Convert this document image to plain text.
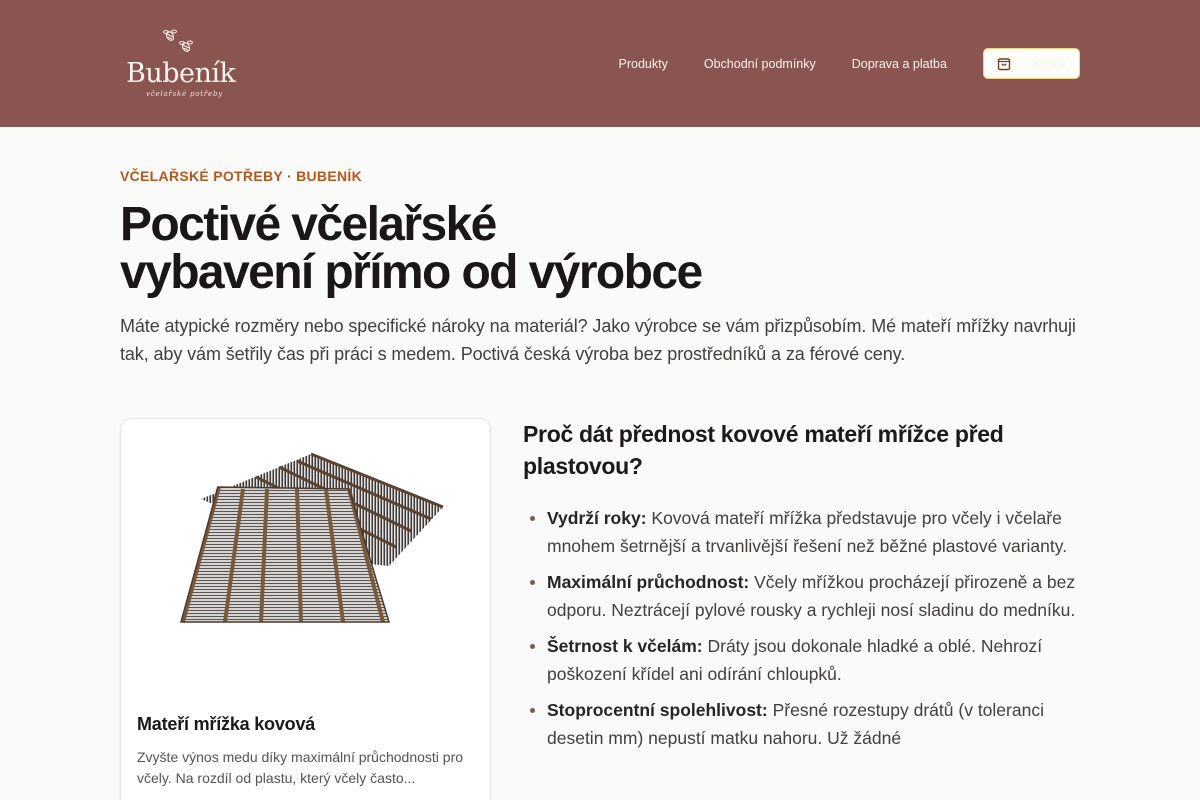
Bubeník
včelařské potřeby
Produkty	Obchodní podmínky	Doprava a platba	Košík
VČELAŘSKÉ POTŘEBY · BUBENÍK
Poctivé včelařské
vybavení přímo od výrobce

Máte atypické rozměry nebo specifické nároky na materiál? Jako výrobce se vám přizpůsobím. Mé mateří mřížky navrhuji tak, aby vám šetřily čas při práci s medem. Poctivá česká výroba bez prostředníků a za férové ceny.

Mateří mřížka kovová

Zvyšte výnos medu díky maximální průchodnosti pro včely. Na rozdíl od plastu, který včely často...

Proč dát přednost kovové mateří mřížce před plastovou?
Vydrží roky: Kovová mateří mřížka představuje pro včely i včelaře mnohem šetrnější a trvanlivější řešení než běžné plastové varianty.
Maximální průchodnost: Včely mřížkou procházejí přirozeně a bez odporu. Neztrácejí pylové rousky a rychleji nosí sladinu do medníku.
Šetrnost k včelám: Dráty jsou dokonale hladké a oblé. Nehrozí poškození křídel ani odírání chloupků.
Stoprocentní spolehlivost: Přesné rozestupy drátů (v toleranci desetin mm) nepustí matku nahoru. Už žádné
